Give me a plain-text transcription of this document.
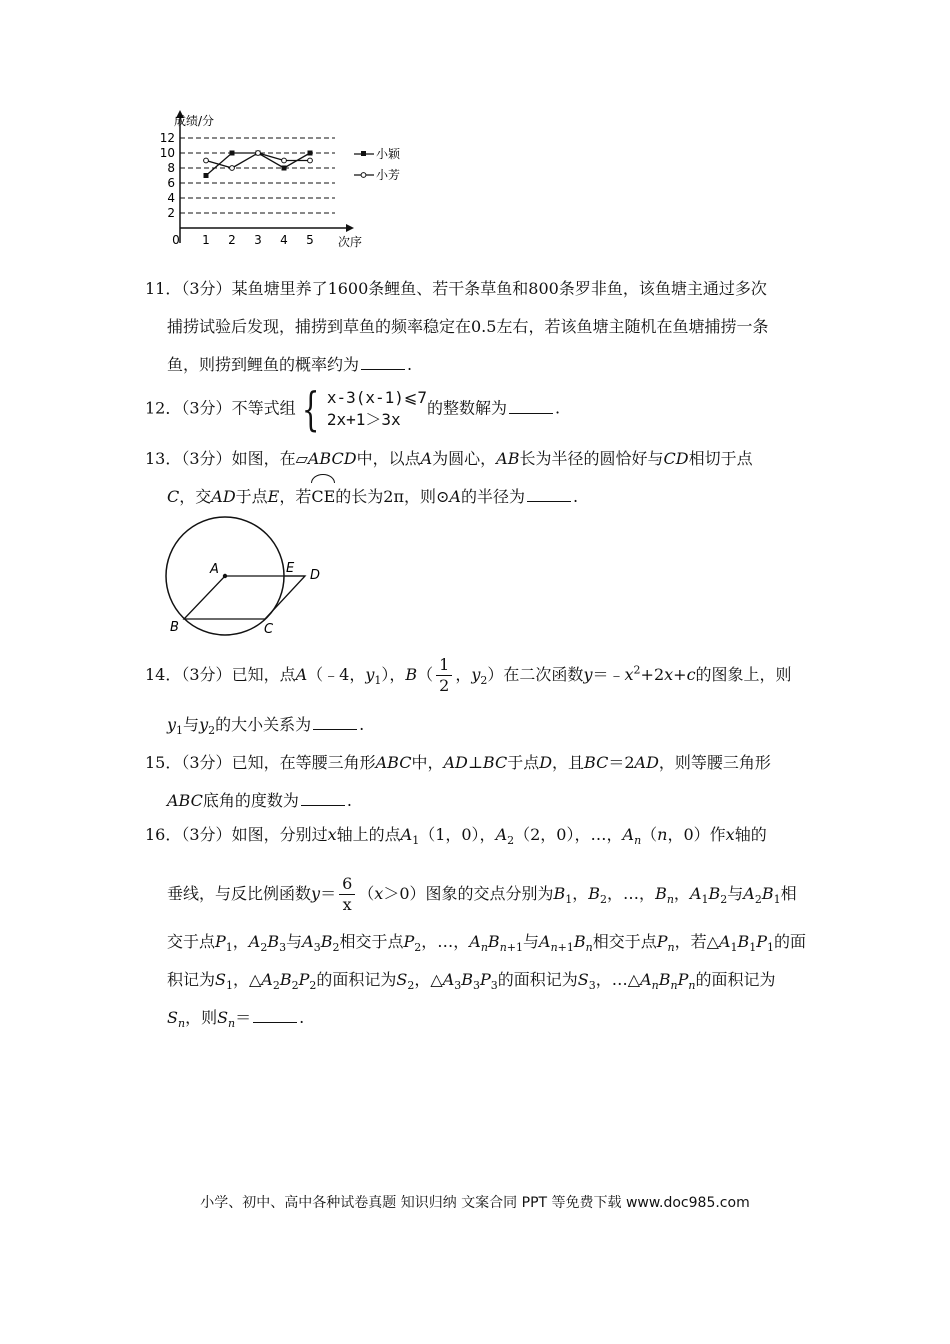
成绩/分
次序
12
10
8
6
4
2
0 1 2 3 4 5
小颖
小芳
11．（3分）某鱼塘里养了1600条鲤鱼、若干条草鱼和800条罗非鱼，该鱼塘主通过多次
捕捞试验后发现，捕捞到草鱼的频率稳定在0.5左右，若该鱼塘主随机在鱼塘捕捞一条
鱼，则捞到鲤鱼的概率约为	.
12．（3分）不等式组 { x-3(x-1)⩽7
2x+1＞3x
的整数解为	.
13．（3分）如图，在▱ABCD中，以点A为圆心，AB长为半径的圆恰好与CD相切于点
C，交AD于点E，若CE的长为2π，则⊙A的半径为	.
A
B	C
D
E
14．（3分）已知，点A（﹣4，$y_1$），$B( \frac{1}{2}$ ，$y_2$）在二次函数$y=﹣x^2+2x+c$的图象上，则
$y_1$与$y_2$的大小关系为	.
15．（3分）已知，在等腰三角形ABC中，AD⊥BC于点D，且BC＝2AD，则等腰三角形
ABC底角的度数为	.
16．（3分）如图，分别过x轴上的点$A_1(1$，0），$A_2(2$，0），…，$A_n(n$，0）作x轴的
垂线，与反比例函数$y= \frac{6}{x} (x>0)$图象的交点分别为$B_1$，$B_2$，…，$B_n$，$A_1B_2$与$A_2B_1$相
交于点$P_1$，$A_2B_3$与$A_3B_2$相交于点$P_2$，…，$A_nB_{n+1}$与$A_{n+1}B_n$相交于点$P_n$，若$\triangle A_1B_1P_1$的面
积记为$S_1$，$\triangle A_2B_2P_2$的面积记为$S_2$，$\triangle A_3B_3P_3$的面积记为$S_3$，$\dots\triangle A_nB_nP_n$的面积记为
$S_n$，则$S_n=$	.
小学、初中、高中各种试卷真题 知识归纳 文案合同 PPT 等免费下载 www.doc985.com
